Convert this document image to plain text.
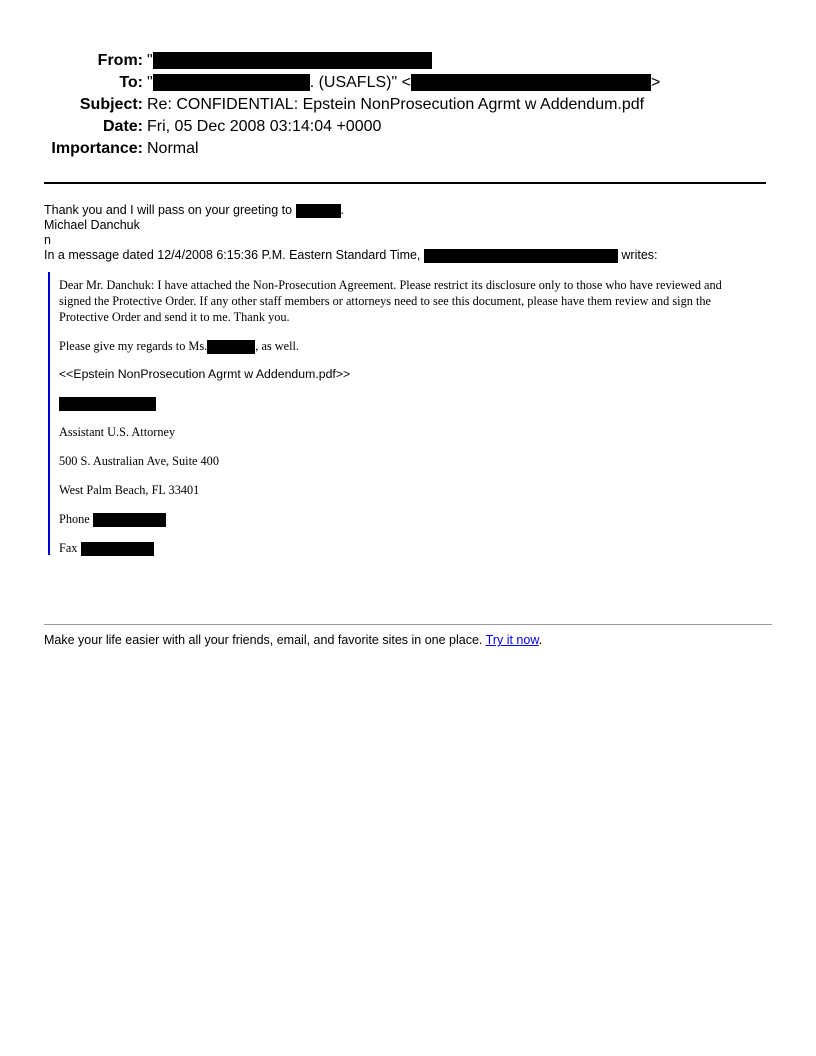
From: "
To: "	. (USAFLS)" <	>
Subject: Re: CONFIDENTIAL: Epstein NonProsecution Agrmt w Addendum.pdf
Date: Fri, 05 Dec 2008 03:14:04 +0000
Importance: Normal
Thank you and I will pass on your greeting to	.
Michael Danchuk
n
In a message dated 12/4/2008 6:15:36 P.M. Eastern Standard Time,	writes:
Dear Mr. Danchuk: I have attached the Non-Prosecution Agreement. Please restrict its disclosure only to those who have reviewed and
signed the Protective Order. If any other staff members or attorneys need to see this document, please have them review and sign the
Protective Order and send it to me. Thank you.
Please give my regards to Ms.	, as well.
<<Epstein NonProsecution Agrmt w Addendum.pdf>>
Assistant U.S. Attorney
500 S. Australian Ave, Suite 400
West Palm Beach, FL 33401
Phone
Fax
Make your life easier with all your friends, email, and favorite sites in one place. Try it now.
